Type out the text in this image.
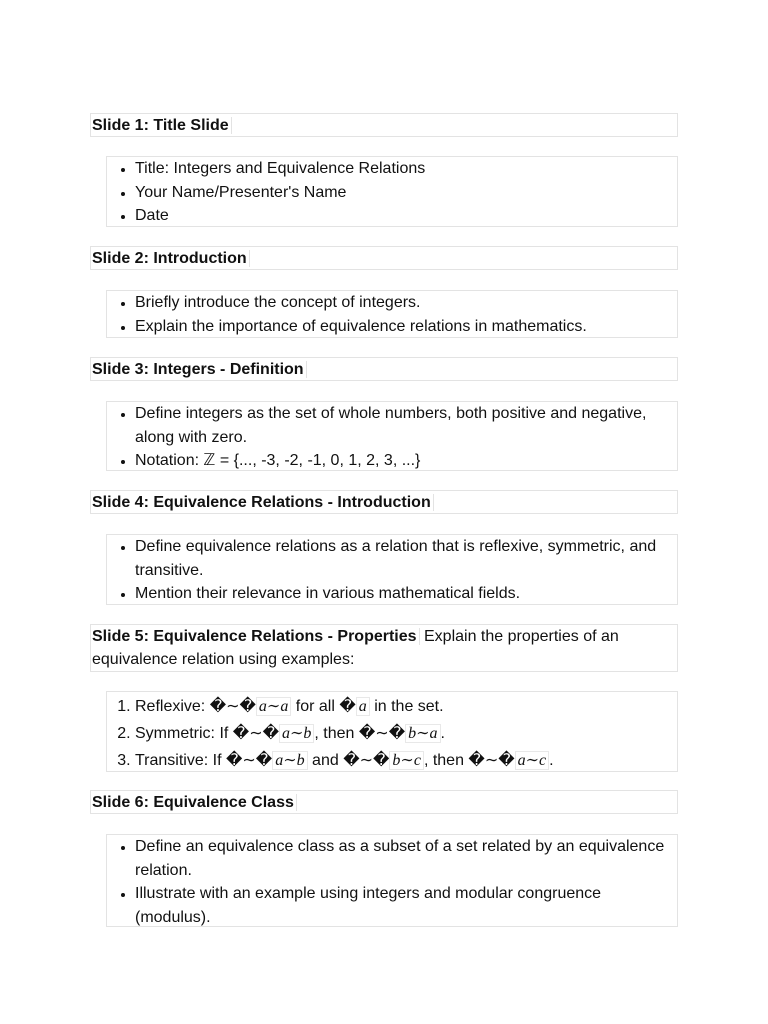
Slide 1: Title Slide
• Title: Integers and Equivalence Relations
• Your Name/Presenter's Name
• Date
Slide 2: Introduction
• Briefly introduce the concept of integers.
• Explain the importance of equivalence relations in mathematics.
Slide 3: Integers - Definition
• Define integers as the set of whole numbers, both positive and negative, along with zero.
• Notation: ℤ = {..., -3, -2, -1, 0, 1, 2, 3, ...}
Slide 4: Equivalence Relations - Introduction
• Define equivalence relations as a relation that is reflexive, symmetric, and transitive.
• Mention their relevance in various mathematical fields.
Slide 5: Equivalence Relations - Properties Explain the properties of an equivalence relation using examples:
1. Reflexive: �∼� a∼a for all � a in the set.
2. Symmetric: If �∼� a∼b , then �∼� b∼a .
3. Transitive: If �∼� a∼b and �∼� b∼c , then �∼� a∼c .
Slide 6: Equivalence Class
• Define an equivalence class as a subset of a set related by an equivalence relation.
• Illustrate with an example using integers and modular congruence (modulus).
